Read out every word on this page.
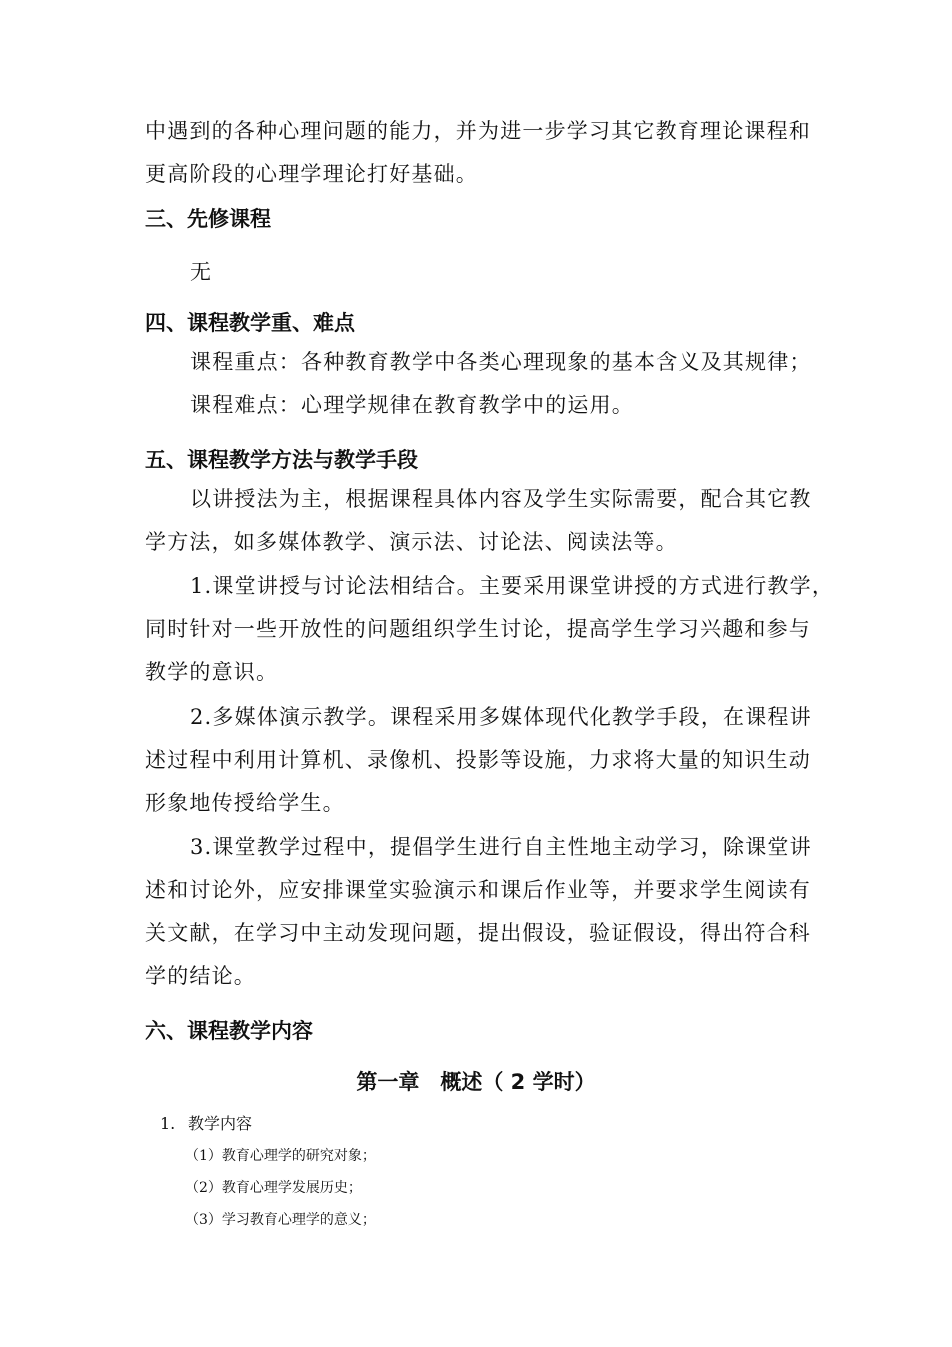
中遇到的各种心理问题的能力，并为进一步学习其它教育理论课程和
更高阶段的心理学理论打好基础。
三、先修课程
无
四、课程教学重、难点
课程重点：各种教育教学中各类心理现象的基本含义及其规律；
课程难点：心理学规律在教育教学中的运用。
五、课程教学方法与教学手段
以讲授法为主，根据课程具体内容及学生实际需要，配合其它教
学方法，如多媒体教学、演示法、讨论法、阅读法等。
1.课堂讲授与讨论法相结合。主要采用课堂讲授的方式进行教学，
同时针对一些开放性的问题组织学生讨论，提高学生学习兴趣和参与
教学的意识。
2.多媒体演示教学。课程采用多媒体现代化教学手段，在课程讲
述过程中利用计算机、录像机、投影等设施，力求将大量的知识生动
形象地传授给学生。
3.课堂教学过程中，提倡学生进行自主性地主动学习，除课堂讲
述和讨论外，应安排课堂实验演示和课后作业等，并要求学生阅读有
关文献，在学习中主动发现问题，提出假设，验证假设，得出符合科
学的结论。
六、课程教学内容
第一章　概述（ 2 学时）
1. 教学内容
（1）教育心理学的研究对象；
（2）教育心理学发展历史；
（3）学习教育心理学的意义；
